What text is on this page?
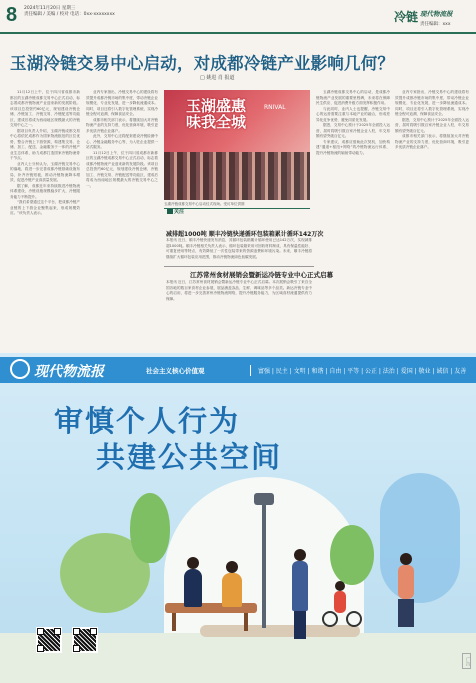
8 2024年11月20日 星期三
责任编辑 / 美编 / 校对 电话：0xx-xxxxxxxx	冷链 现代物流报
责任编辑：xxx
玉湖冷链交易中心启动，对成都冷链产业影响几何？
□ 姚进 肖 报道

11月12日上午，位于四川省成都市新都区的玉湖冷链成都交易中心正式启动，标志着成都冷链物流产业迎来新的发展阶段。该项目总投资约60亿元，规划建设冷链仓储、冷链加工、冷链交易、冷链配送等功能区，建成后将成为西南地区规模最大的冷链交易中心之一。

据项目负责人介绍，玉湖冷链成都交易中心将依托成都作为国家物流枢纽的区位优势，整合冷链上下游资源，构建集交易、仓储、加工、配送、金融服务于一体的冷链产业生态体系，助力成都打造国家冷链物流骨干节点。

业内人士分析认为，玉湖冷链交易中心的落地，将进一步完善成都冷链基础设施布局，补齐冷链短板，推动冷链物流降本增效，促进冷链产业高质量发展。

据了解，成都近年来持续推进冷链物流体系建设，冷链设施规模稳步扩大，冷链服务能力不断提升。

“我们希望通过这个平台，把成都冷链产业链的上下游企业聚集起来，形成规模效应。”该负责人表示。

业内专家指出，冷链交易中心的建设将有效提升成都冷链市场的集中度，带动冷链企业规模化、专业化发展，进一步降低流通成本。同时，项目还将引入数字化管理系统，实现冷链全程可追溯，保障食品安全。

成都市相关部门表示，将继续加大对冷链物流产业的支持力度，优化营商环境，吸引更多优质冷链企业落户。

此外，交易中心还将配套建设冷链检测中心、冷链金融服务中心等，为入驻企业提供一站式服务。

11月12日上午，位于四川省成都市新都区的玉湖冷链成都交易中心正式启动，标志着成都冷链物流产业迎来新的发展阶段。该项目总投资约60亿元，规划建设冷链仓储、冷链加工、冷链交易、冷链配送等功能区，建成后将成为西南地区规模最大的冷链交易中心之一。

玉湖盛惠
味我全城
RNIVAL
玉湖冷链成都交易中心启动仪式现场。受访单位供图
关注

玉湖冷链成都交易中心的启动，是成都冷链物流产业发展的重要里程碑，未来将在保障民生供应、促进消费升级方面发挥积极作用。

与此同时，业内人士也提醒，冷链交易中心的运营需要注重与本地产业的融合，形成差异化竞争优势，避免同质化发展。

据悉，交易中心预计于2025年全面投入运营，届时将吸引数百家冷链企业入驻，年交易额有望突破百亿元。

专家建议，成都应借助此次契机，加快构建“通道+枢纽+网络”的冷链物流运行体系，提升冷链物流的辐射带动能力。

业内专家指出，冷链交易中心的建设将有效提升成都冷链市场的集中度，带动冷链企业规模化、专业化发展，进一步降低流通成本。同时，项目还将引入数字化管理系统，实现冷链全程可追溯，保障食品安全。

据悉，交易中心预计于2025年全面投入运营，届时将吸引数百家冷链企业入驻，年交易额有望突破百亿元。

成都市相关部门表示，将继续加大对冷链物流产业的支持力度，优化营商环境，吸引更多优质冷链企业落户。

减排超1000吨 顺丰冷链快递循环包装箱累计循环142万次
本报讯 近日，顺丰冷链快递发布消息，其循环包装箱累计循环使用已达142万次，实现减排超1000吨。顺丰冷链相关负责人表示，循环包装箱采用可回收材料制成，具有保温性能好、可重复使用等特点，有效降低了一次性包装带来的资源浪费和环境污染。未来，顺丰冷链将继续扩大循环包装应用范围，推动冷链物流绿色低碳发展。
江苏常州食材展销会暨新运冷链专业中心正式启幕
本报讯 近日，江苏常州食材展销会暨新运冷链专业中心正式启幕。本次展销会吸引了来自全国各地的数百家食材企业参展，展品涵盖冻品、生鲜、调味品等多个品类。新运冷链专业中心的启用，将进一步完善常州冷链物流网络，提升冷链服务能力，为区域食材流通提供有力保障。
现代物流报	社会主义核心价值观	富强 | 民主 | 文明 | 和谐 | 自由 | 平等 | 公正 | 法治 | 爱国 | 敬业 | 诚信 | 友善
审慎个人行为
共建公共空间
广告
